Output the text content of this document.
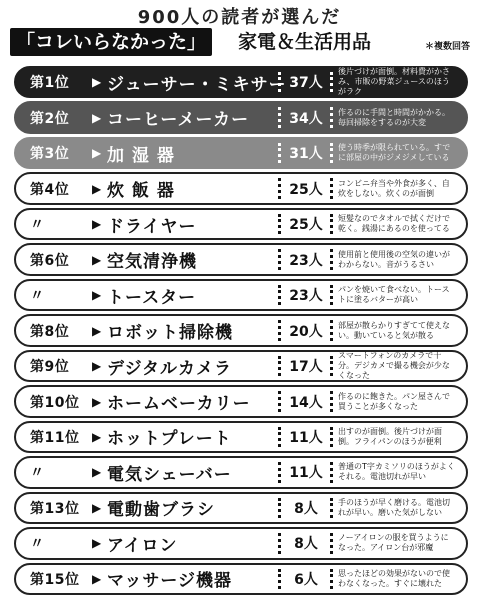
900人の読者が選んだ
「コレいらなかった」	家電＆生活用品	＊複数回答
第1位 ▶ ジューサー・ミキサー 37人
後片づけが面倒。材料費がかさみ、市販の野菜ジュースのほうがラク
第2位 ▶ コーヒーメーカー	34人	作るのに手間と時間がかかる。毎回掃除をするのが大変
第3位 ▶ 加 湿 器	31人	使う時季が限られている。すでに部屋の中がジメジメしている
第4位 ▶ 炊 飯 器	25人	コンビニ弁当や外食が多く、自炊をしない。炊くのが面倒
〃	▶ ドライヤー	25人	短髪なのでタオルで拭くだけで乾く。銭湯にあるのを使ってる
第6位 ▶ 空気清浄機	23人	使用前と使用後の空気の違いがわからない。音がうるさい
〃	▶ トースター	23人	パンを焼いて食べない。トーストに塗るバターが高い
第8位 ▶ ロボット掃除機	20人	部屋が散らかりすぎてて使えない。動いていると気が散る
第9位 ▶ デジタルカメラ	17人
スマートフォンのカメラで十分。デジカメで撮る機会が少なくなった
第10位 ▶ ホームベーカリー	14人	作るのに飽きた。パン屋さんで買うことが多くなった
第11位 ▶ ホットプレート	11人	出すのが面倒。後片づけが面倒。フライパンのほうが便利
〃	▶ 電気シェーバー	11人	普通のT字カミソリのほうがよくそれる。電池切れが早い
第13位 ▶ 電動歯ブラシ	8人	手のほうが早く磨ける。電池切れが早い。磨いた気がしない
〃	▶ アイロン	8人	ノーアイロンの服を買うようになった。アイロン台が邪魔
第15位 ▶ マッサージ機器	6人	思ったほどの効果がないので使わなくなった。すぐに壊れた
